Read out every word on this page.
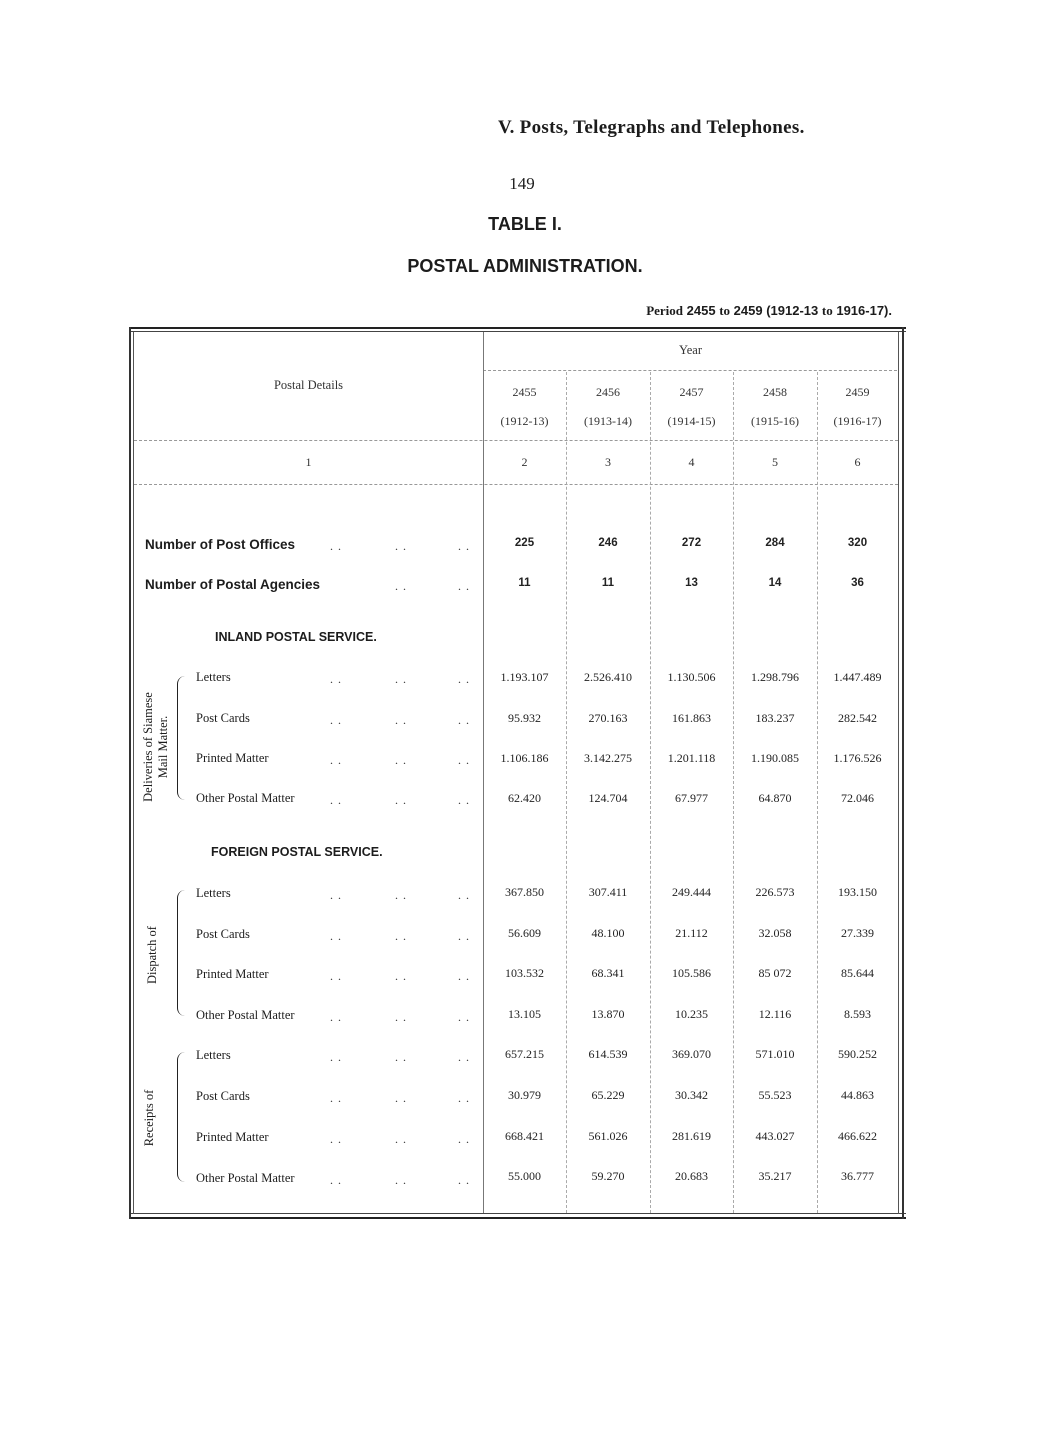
V. Posts, Telegraphs and Telephones.
149
TABLE I.
POSTAL ADMINISTRATION.
Period 2455 to 2459 (1912-13 to 1916-17).
Postal Details
Year
2455
(1912-13)
2456
(1913-14)
2457
(1914-15)
2458
(1915-16)
2459
(1916-17)
1	2	3	4	5	6
Number of Post Offices	. .	. .	. .	225	246	272	284	320
Number of Postal Agencies	. .	. .	11	11	13	14	36
INLAND POSTAL SERVICE.
Deliveries of Siamese Mail Matter.
Letters	. .	. .	. .	1.193.107	2.526.410	1.130.506	1.298.796	1.447.489
Post Cards	. .	. .	. .	95.932	270.163	161.863	183.237	282.542
Printed Matter	. .	. .	. .	1.106.186	3.142.275	1.201.118	1.190.085	1.176.526
Other Postal Matter	. .	. .	. .	62.420	124.704	67.977	64.870	72.046
FOREIGN POSTAL SERVICE.
Dispatch of
Letters	. .	. .	. .	367.850	307.411	249.444	226.573	193.150
Post Cards	. .	. .	. .	56.609	48.100	21.112	32.058	27.339
Printed Matter	. .	. .	. .	103.532	68.341	105.586	85 072	85.644
Other Postal Matter	. .	. .	. .	13.105	13.870	10.235	12.116	8.593
Receipts of
Letters	. .	. .	. .	657.215	614.539	369.070	571.010	590.252
Post Cards	. .	. .	. .	30.979	65.229	30.342	55.523	44.863
Printed Matter	. .	. .	. .	668.421	561.026	281.619	443.027	466.622
Other Postal Matter	. .	. .	. .	55.000	59.270	20.683	35.217	36.777
